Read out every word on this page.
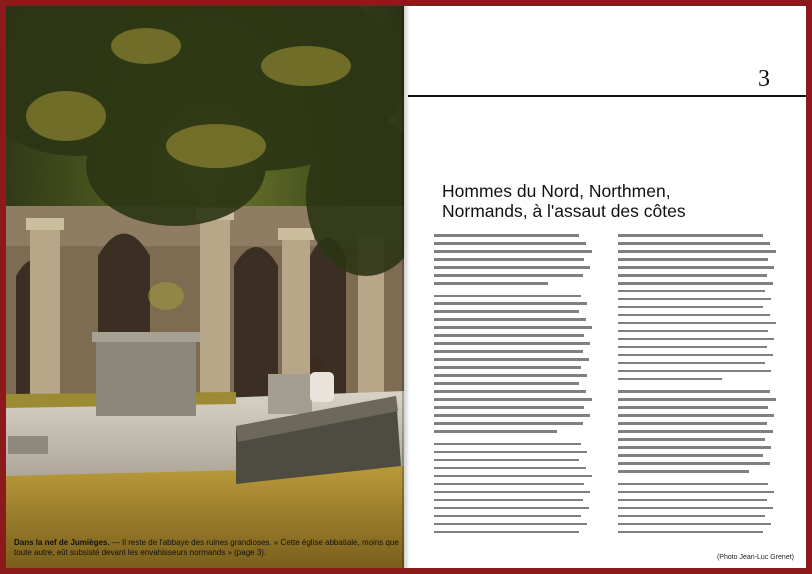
Dans la nef de Jumièges. — Il reste de l'abbaye des ruines grandioses. « Cette église abbatiale, moins que toute autre, eût subsisté devant les envahisseurs normands » (page 3).
(Photo Jean-Luc Grenet)
3
Hommes du Nord, Northmen,
Normands, à l'assaut des côtes
